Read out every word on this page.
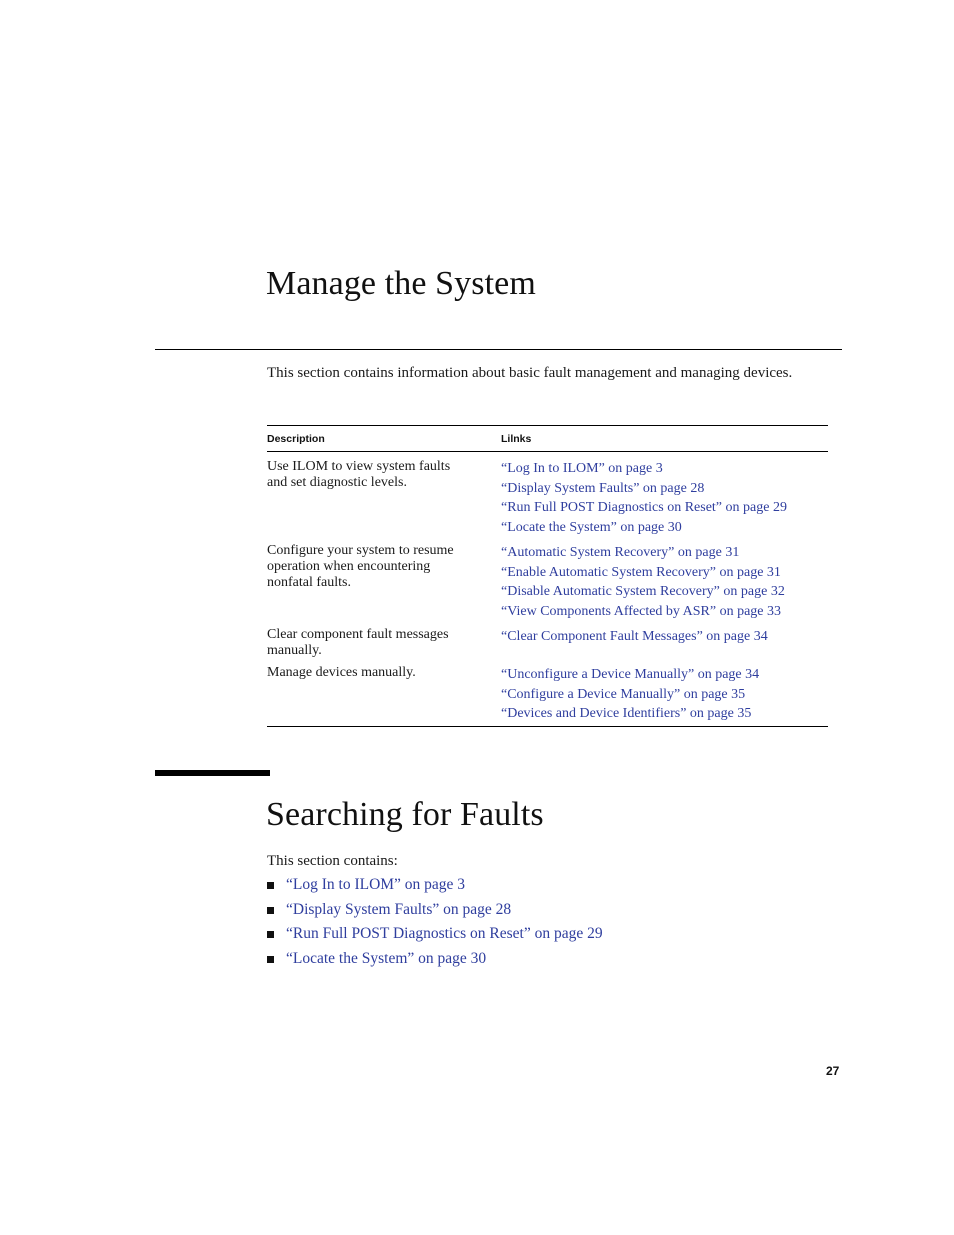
Manage the System
This section contains information about basic fault management and managing devices.
Description	Lilnks

Use ILOM to view system faults and set diagnostic levels.	“Log In to ILOM” on page 3
“Display System Faults” on page 28
“Run Full POST Diagnostics on Reset” on page 29
“Locate the System” on page 30

Configure your system to resume operation when encountering nonfatal faults.	“Automatic System Recovery” on page 31
“Enable Automatic System Recovery” on page 31
“Disable Automatic System Recovery” on page 32
“View Components Affected by ASR” on page 33

Clear component fault messages manually.	“Clear Component Fault Messages” on page 34

Manage devices manually.	“Unconfigure a Device Manually” on page 34
“Configure a Device Manually” on page 35
“Devices and Device Identifiers” on page 35
Searching for Faults
This section contains:
“Log In to ILOM” on page 3
“Display System Faults” on page 28
“Run Full POST Diagnostics on Reset” on page 29
“Locate the System” on page 30
27
